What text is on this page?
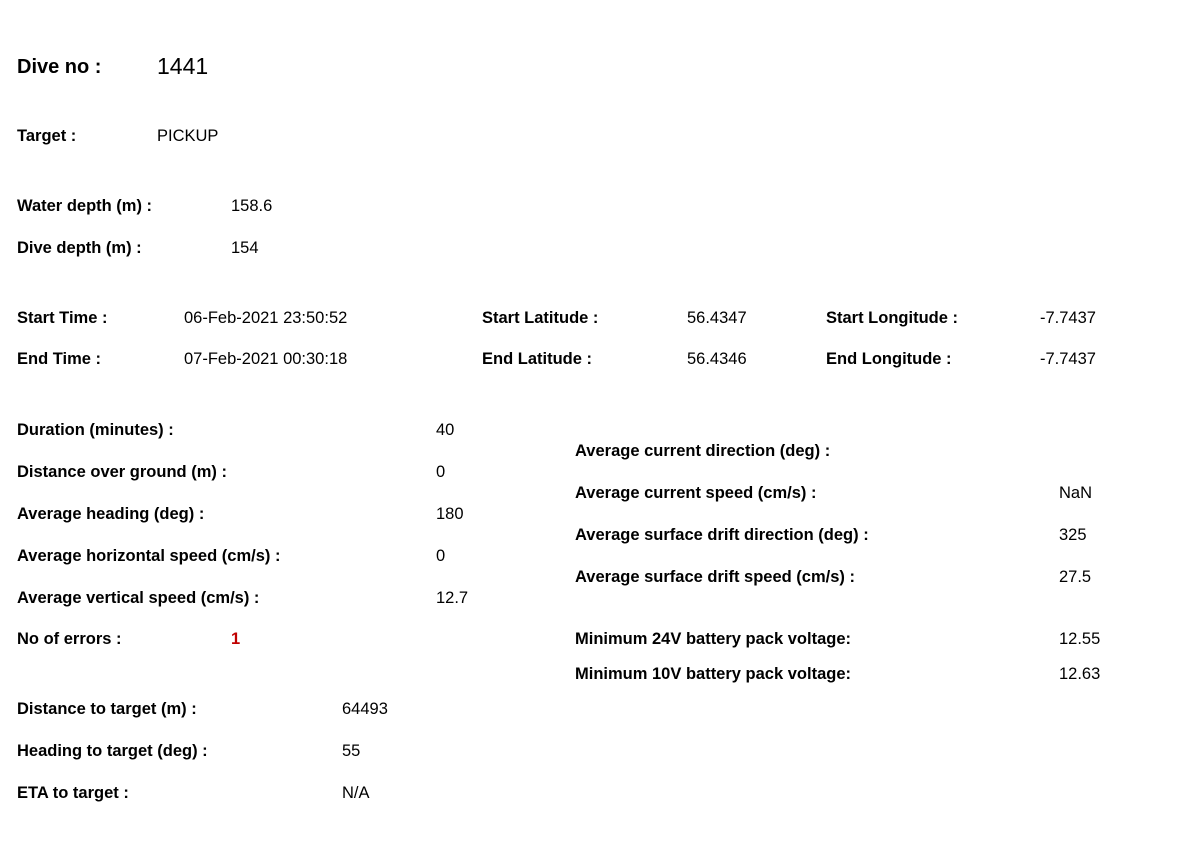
Dive no : 1441
Target :	PICKUP
Water depth (m) :	158.6
Dive depth (m) :	154
Start Time :	06-Feb-2021 23:50:52	Start Latitude :	56.4347	Start Longitude :	-7.7437
End Time :	07-Feb-2021 00:30:18	End Latitude :	56.4346	End Longitude :	-7.7437
Duration (minutes) :	40
Distance over ground (m) :	0
Average heading (deg) :	180
Average horizontal speed (cm/s) :	0
Average vertical speed (cm/s) :	12.7
No of errors :	1
Average current direction (deg) :
Average current speed (cm/s) :	NaN
Average surface drift direction (deg) :	325
Average surface drift speed (cm/s) :	27.5
Minimum 24V battery pack voltage:	12.55
Minimum 10V battery pack voltage:	12.63
Distance to target (m) :	64493
Heading to target (deg) :	55
ETA to target :	N/A
